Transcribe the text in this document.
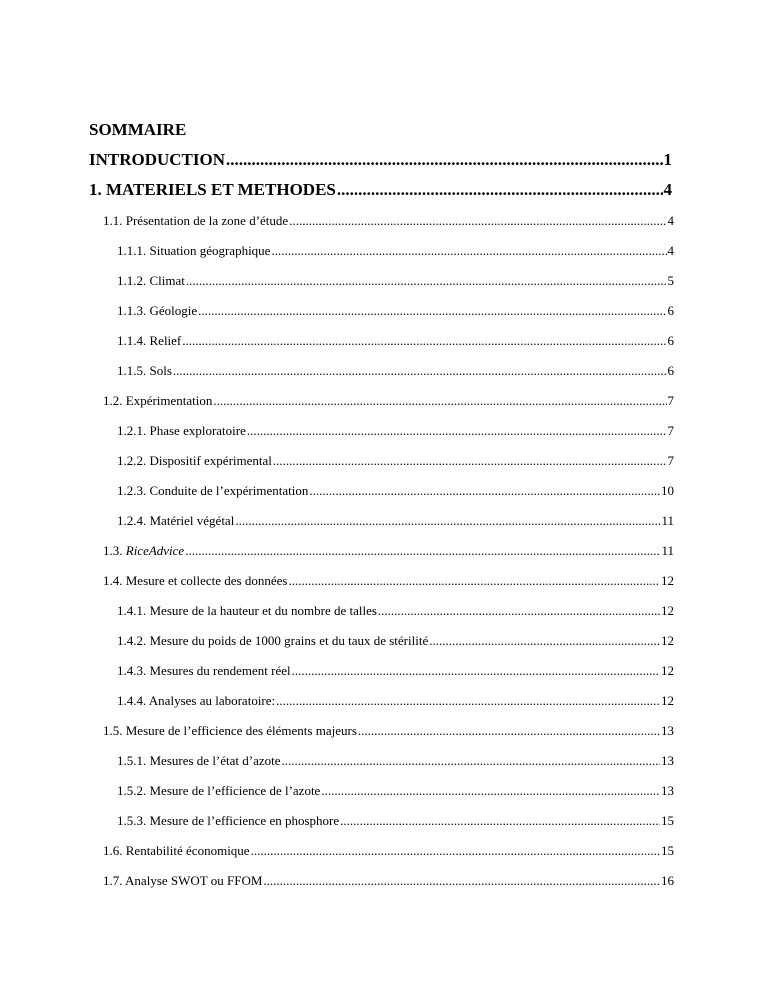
SOMMAIRE
INTRODUCTION .....	1
1. MATERIELS ET METHODES .....	4
1.1. Présentation de la zone d’étude .....	4
1.1.1. Situation géographique .....	4
1.1.2. Climat .....	5
1.1.3. Géologie .....	6
1.1.4. Relief .....	6
1.1.5. Sols .....	6
1.2. Expérimentation .....	7
1.2.1. Phase exploratoire .....	7
1.2.2. Dispositif expérimental .....	7
1.2.3. Conduite de l’expérimentation .....	10
1.2.4. Matériel végétal .....	11
1.3. RiceAdvice .....	11
1.4. Mesure et collecte des données .....	12
1.4.1. Mesure de la hauteur et du nombre de talles .....	12
1.4.2. Mesure du poids de 1000 grains et du taux de stérilité .....	12
1.4.3. Mesures du rendement réel .....	12
1.4.4. Analyses au laboratoire: .....	12
1.5. Mesure de l’efficience des éléments majeurs .....	13
1.5.1. Mesures de l’état d’azote .....	13
1.5.2. Mesure de l’efficience de l’azote .....	13
1.5.3. Mesure de l’efficience en phosphore .....	15
1.6. Rentabilité économique .....	15
1.7. Analyse SWOT ou FFOM .....	16
